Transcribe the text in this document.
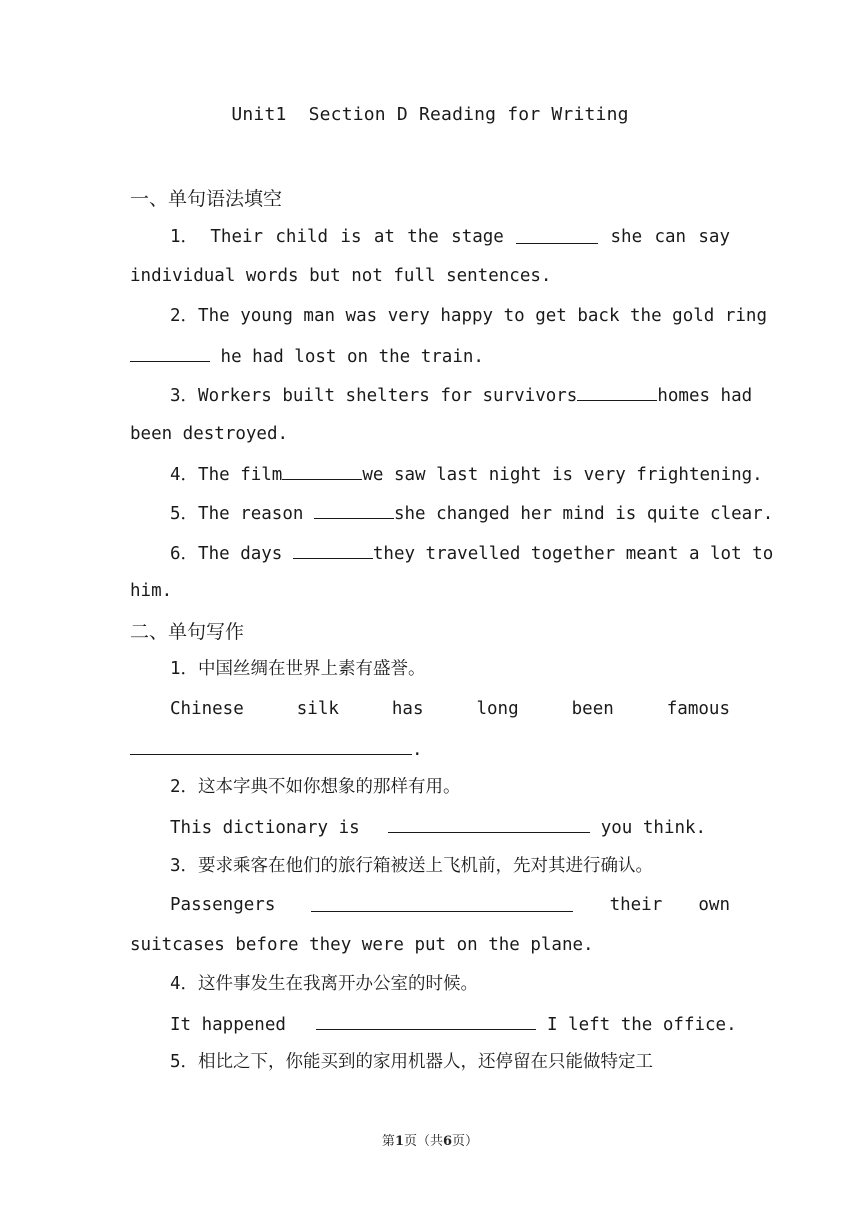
Unit1  Section D Reading for Writing
一、单句语法填空
1． Their child is at the stage	she can say
individual words but not full sentences.
2．The young man was very happy to get back the gold ring
he had lost on the train.
3．Workers built shelters for survivors	homes had
been destroyed.
4．The film	we saw last night is very frightening.
5．The reason	she changed her mind is quite clear.
6．The days	they travelled together meant a lot to
him.
二、单句写作
1．中国丝绸在世界上素有盛誉。
Chinese	silk	has	long	been	famous
.
2．这本字典不如你想象的那样有用。
This dictionary is	you think.
3．要求乘客在他们的旅行箱被送上飞机前，先对其进行确认。
Passengers	their own
suitcases before they were put on the plane.
4．这件事发生在我离开办公室的时候。
It happened	I left the office.
5．相比之下，你能买到的家用机器人，还停留在只能做特定工
第1页（共6页）
